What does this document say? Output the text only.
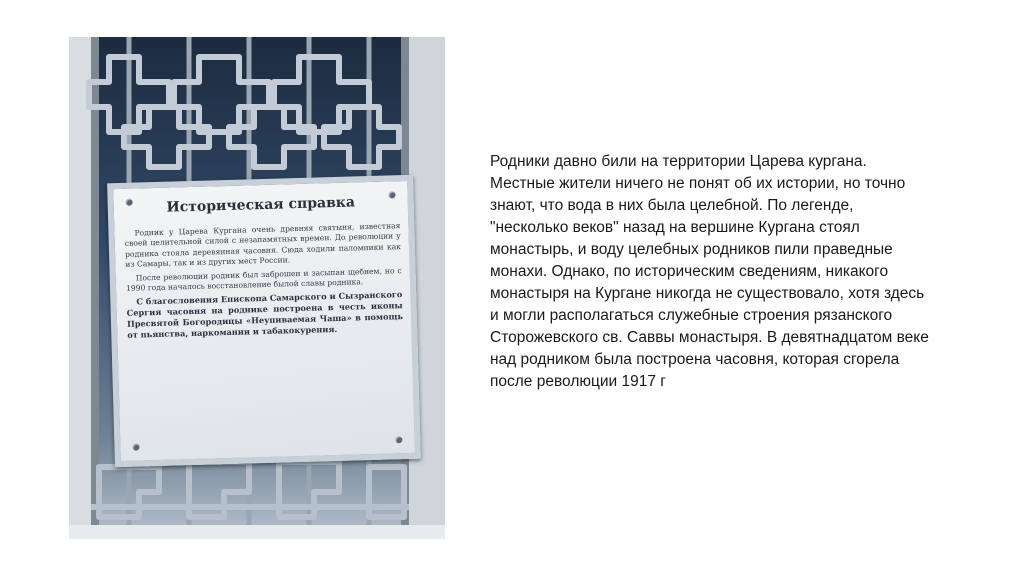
Историческая справка

Родник у Царева Кургана очень древняя святыня, известная своей целительной силой с незапамятных времен. До революции у родника стояла деревянная часовня. Сюда ходили паломники как из Самары, так и из других мест России.

После революции родник был заброшен и засыпан щебнем, но с 1990 года началось восстановление былой славы родника.

С благословения Епископа Самарского и Сызранского Сергия часовня на роднике построена в честь иконы Пресвятой Богородицы «Неупиваемая Чаша» в помощь от пьянства, наркомании и табакокурения.

Родники давно били на территории Царева кургана.
Местные жители ничего не понят об их истории, но точно
знают, что вода в них была целебной. По легенде,
"несколько веков" назад на вершине Кургана стоял
монастырь, и воду целебных родников пили праведные
монахи. Однако, по историческим сведениям, никакого
монастыря на Кургане никогда не существовало, хотя здесь
и могли располагаться служебные строения рязанского
Сторожевского св. Саввы монастыря. В девятнадцатом веке
над родником была построена часовня, которая сгорела
после революции 1917 г
